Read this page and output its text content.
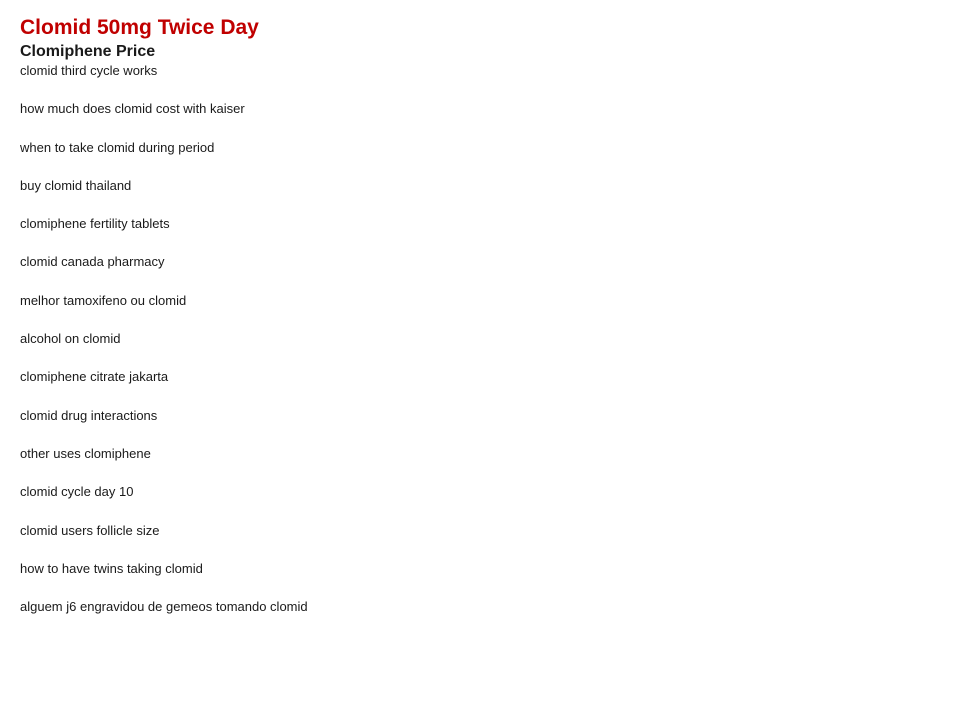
Clomid 50mg Twice Day
Clomiphene Price
clomid third cycle works
how much does clomid cost with kaiser
when to take clomid during period
buy clomid thailand
clomiphene fertility tablets
clomid canada pharmacy
melhor tamoxifeno ou clomid
alcohol on clomid
clomiphene citrate jakarta
clomid drug interactions
other uses clomiphene
clomid cycle day 10
clomid users follicle size
how to have twins taking clomid
alguem j6 engravidou de gemeos tomando clomid
